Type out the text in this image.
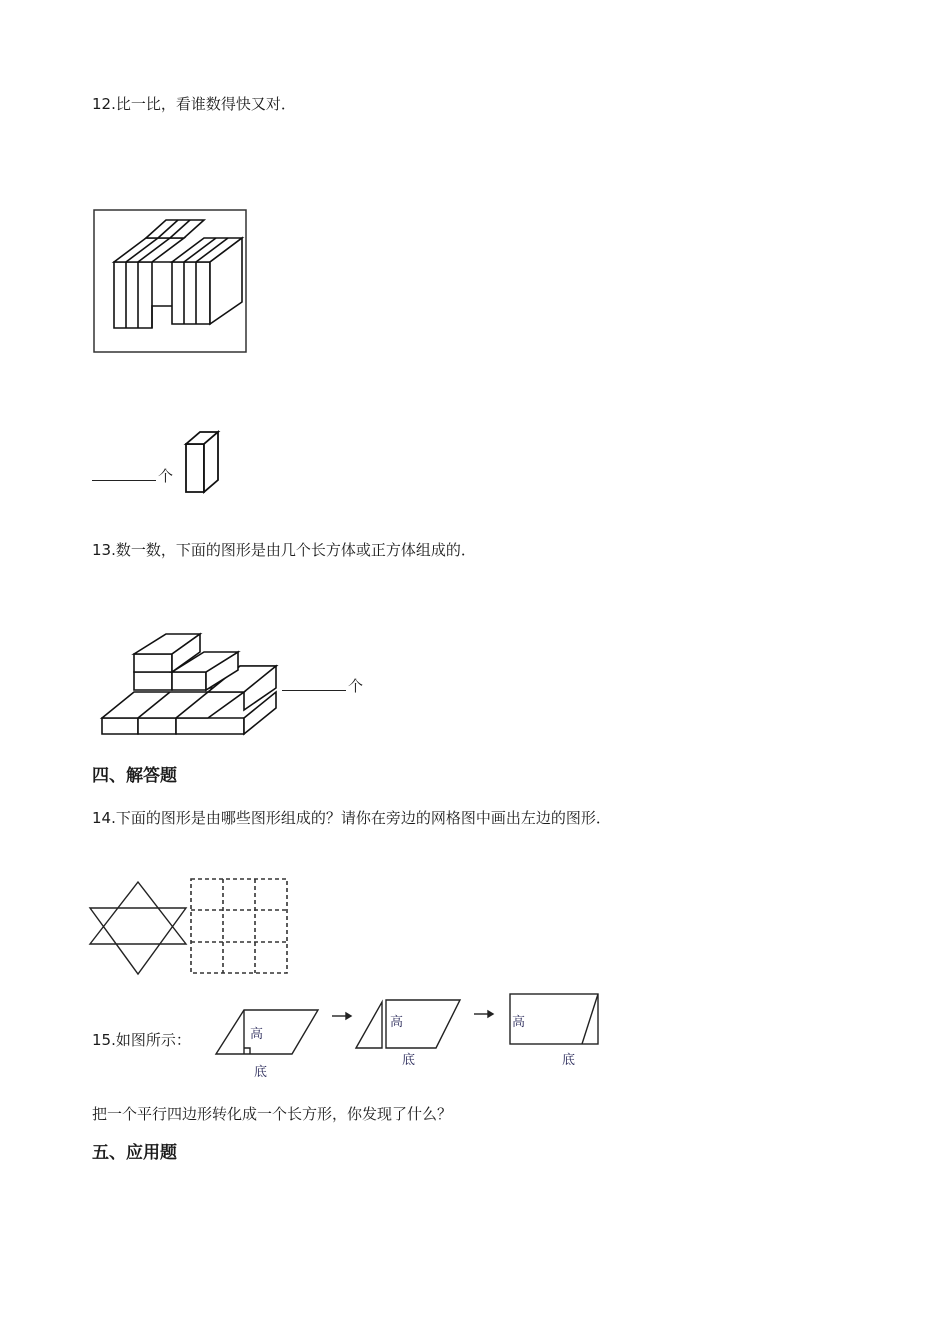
12.比一比，看谁数得快又对．
个
13.数一数，下面的图形是由几个长方体或正方体组成的．
个
四、解答题
14.下面的图形是由哪些图形组成的？请你在旁边的网格图中画出左边的图形．
15.如图所示：	高
底
高
底
高
底
把一个平行四边形转化成一个长方形，你发现了什么？
五、应用题
